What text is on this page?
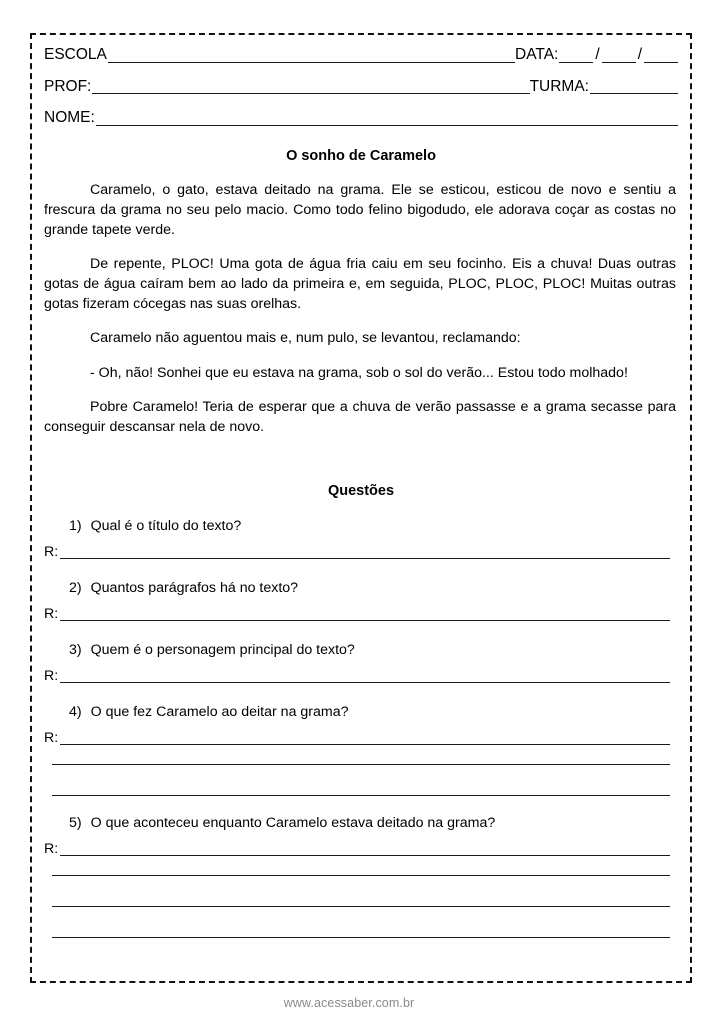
ESCOLA	DATA: / /
PROF:	TURMA:
NOME:
O sonho de Caramelo

Caramelo, o gato, estava deitado na grama. Ele se esticou, esticou de novo e sentiu a frescura da grama no seu pelo macio. Como todo felino bigodudo, ele adorava coçar as costas no grande tapete verde.

De repente, PLOC! Uma gota de água fria caiu em seu focinho. Eis a chuva! Duas outras gotas de água caíram bem ao lado da primeira e, em seguida, PLOC, PLOC, PLOC! Muitas outras gotas fizeram cócegas nas suas orelhas.

Caramelo não aguentou mais e, num pulo, se levantou, reclamando:

- Oh, não! Sonhei que eu estava na grama, sob o sol do verão... Estou todo molhado!

Pobre Caramelo! Teria de esperar que a chuva de verão passasse e a grama secasse para conseguir descansar nela de novo.

Questões
1) Qual é o título do texto?
R:
2) Quantos parágrafos há no texto?
R:
3) Quem é o personagem principal do texto?
R:
4) O que fez Caramelo ao deitar na grama?
R:
5) O que aconteceu enquanto Caramelo estava deitado na grama?
R:
www.acessaber.com.br
